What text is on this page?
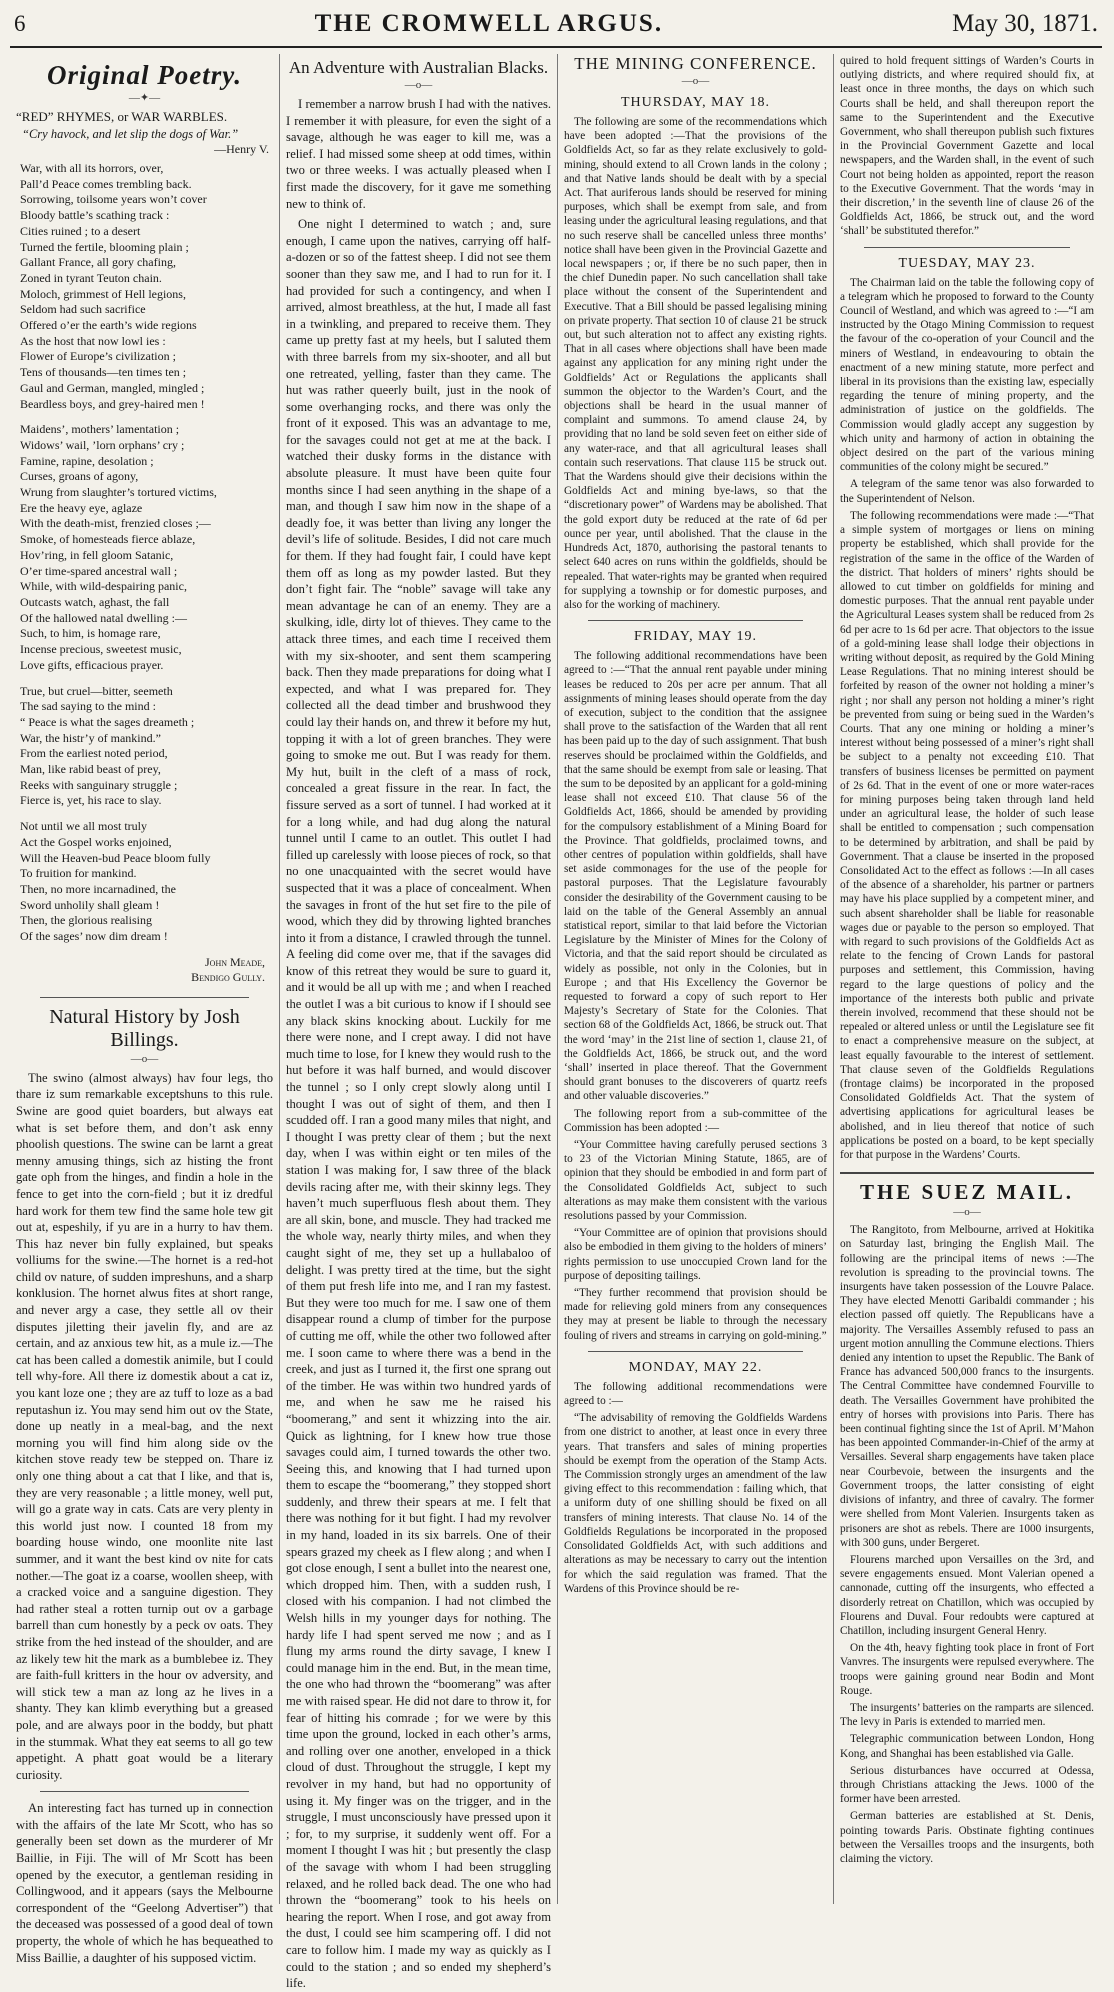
6	THE CROMWELL ARGUS.	May 30, 1871.
Original Poetry.
—✦—
“RED” RHYMES, or WAR WARBLES.
“Cry havock, and let slip the dogs of War.”
—Henry V.
War, with all its horrors, over,
Pall’d Peace comes trembling back.
Sorrowing, toilsome years won’t cover
Bloody battle’s scathing track :
Cities ruined ; to a desert
Turned the fertile, blooming plain ;
Gallant France, all gory chafing,
Zoned in tyrant Teuton chain.
Moloch, grimmest of Hell legions,
Seldom had such sacrifice
Offered o’er the earth’s wide regions
As the host that now lowl ies :
Flower of Europe’s civilization ;
Tens of thousands—ten times ten ;
Gaul and German, mangled, mingled ;
Beardless boys, and grey-haired men !
Maidens’, mothers’ lamentation ;
Widows’ wail, ’lorn orphans’ cry ;
Famine, rapine, desolation ;
Curses, groans of agony,
Wrung from slaughter’s tortured victims,
Ere the heavy eye, aglaze
With the death-mist, frenzied closes ;—
Smoke, of homesteads fierce ablaze,
Hov’ring, in fell gloom Satanic,
O’er time-spared ancestral wall ;
While, with wild-despairing panic,
Outcasts watch, aghast, the fall
Of the hallowed natal dwelling :—
Such, to him, is homage rare,
Incense precious, sweetest music,
Love gifts, efficacious prayer.
True, but cruel—bitter, seemeth
The sad saying to the mind :
“ Peace is what the sages dreameth ;
War, the histr’y of mankind.”
From the earliest noted period,
Man, like rabid beast of prey,
Reeks with sanguinary struggle ;
Fierce is, yet, his race to slay.
Not until we all most truly
Act the Gospel works enjoined,
Will the Heaven-bud Peace bloom fully
To fruition for mankind.
Then, no more incarnadined, the
Sword unholily shall gleam !
Then, the glorious realising
Of the sages’ now dim dream !
John Meade,
Bendigo Gully.
Natural History by Josh Billings.
—o—

The swino (almost always) hav four legs, tho thare iz sum remarkable exceptshuns to this rule. Swine are good quiet boarders, but always eat what is set before them, and don’t ask enny phoolish questions. The swine can be larnt a great menny amusing things, sich az histing the front gate oph from the hinges, and findin a hole in the fence to get into the corn-field ; but it iz dredful hard work for them tew find the same hole tew git out at, espeshily, if yu are in a hurry to hav them. This haz never bin fully explained, but speaks volliums for the swine.—The hornet is a red-hot child ov nature, of sudden impreshuns, and a sharp konklusion. The hornet alwus fites at short range, and never argy a case, they settle all ov their disputes jiletting their javelin fly, and are az certain, and az anxious tew hit, as a mule iz.—The cat has been called a domestik animile, but I could tell why-fore. All there iz domestik about a cat iz, you kant loze one ; they are az tuff to loze as a bad reputashun iz. You may send him out ov the State, done up neatly in a meal-bag, and the next morning you will find him along side ov the kitchen stove ready tew be stepped on. Thare iz only one thing about a cat that I like, and that is, they are very reasonable ; a little money, well put, will go a grate way in cats. Cats are very plenty in this world just now. I counted 18 from my boarding house windo, one moonlite nite last summer, and it want the best kind ov nite for cats nother.—The goat iz a coarse, woollen sheep, with a cracked voice and a sanguine digestion. They had rather steal a rotten turnip out ov a garbage barrell than cum honestly by a peck ov oats. They strike from the hed instead of the shoulder, and are az likely tew hit the mark as a bumblebee iz. They are faith-full kritters in the hour ov adversity, and will stick tew a man az long az he lives in a shanty. They kan klimb everything but a greased pole, and are always poor in the boddy, but phatt in the stummak. What they eat seems to all go tew appetight. A phatt goat would be a literary curiosity.

An interesting fact has turned up in connection with the affairs of the late Mr Scott, who has so generally been set down as the murderer of Mr Baillie, in Fiji. The will of Mr Scott has been opened by the executor, a gentleman residing in Collingwood, and it appears (says the Melbourne correspondent of the “Geelong Advertiser”) that the deceased was possessed of a good deal of town property, the whole of which he has bequeathed to Miss Baillie, a daughter of his supposed victim.

An Adventure with Australian Blacks.
—o—

I remember a narrow brush I had with the natives. I remember it with pleasure, for even the sight of a savage, although he was eager to kill me, was a relief. I had missed some sheep at odd times, within two or three weeks. I was actually pleased when I first made the discovery, for it gave me something new to think of.

One night I determined to watch ; and, sure enough, I came upon the natives, carrying off half-a-dozen or so of the fattest sheep. I did not see them sooner than they saw me, and I had to run for it. I had provided for such a contingency, and when I arrived, almost breathless, at the hut, I made all fast in a twinkling, and prepared to receive them. They came up pretty fast at my heels, but I saluted them with three barrels from my six-shooter, and all but one retreated, yelling, faster than they came. The hut was rather queerly built, just in the nook of some overhanging rocks, and there was only the front of it exposed. This was an advantage to me, for the savages could not get at me at the back. I watched their dusky forms in the distance with absolute pleasure. It must have been quite four months since I had seen anything in the shape of a man, and though I saw him now in the shape of a deadly foe, it was better than living any longer the devil’s life of solitude. Besides, I did not care much for them. If they had fought fair, I could have kept them off as long as my powder lasted. But they don’t fight fair. The “noble” savage will take any mean advantage he can of an enemy. They are a skulking, idle, dirty lot of thieves. They came to the attack three times, and each time I received them with my six-shooter, and sent them scampering back. Then they made preparations for doing what I expected, and what I was prepared for. They collected all the dead timber and brushwood they could lay their hands on, and threw it before my hut, topping it with a lot of green branches. They were going to smoke me out. But I was ready for them. My hut, built in the cleft of a mass of rock, concealed a great fissure in the rear. In fact, the fissure served as a sort of tunnel. I had worked at it for a long while, and had dug along the natural tunnel until I came to an outlet. This outlet I had filled up carelessly with loose pieces of rock, so that no one unacquainted with the secret would have suspected that it was a place of concealment. When the savages in front of the hut set fire to the pile of wood, which they did by throwing lighted branches into it from a distance, I crawled through the tunnel. A feeling did come over me, that if the savages did know of this retreat they would be sure to guard it, and it would be all up with me ; and when I reached the outlet I was a bit curious to know if I should see any black skins knocking about. Luckily for me there were none, and I crept away. I did not have much time to lose, for I knew they would rush to the hut before it was half burned, and would discover the tunnel ; so I only crept slowly along until I thought I was out of sight of them, and then I scudded off. I ran a good many miles that night, and I thought I was pretty clear of them ; but the next day, when I was within eight or ten miles of the station I was making for, I saw three of the black devils racing after me, with their skinny legs. They haven’t much superfluous flesh about them. They are all skin, bone, and muscle. They had tracked me the whole way, nearly thirty miles, and when they caught sight of me, they set up a hullabaloo of delight. I was pretty tired at the time, but the sight of them put fresh life into me, and I ran my fastest. But they were too much for me. I saw one of them disappear round a clump of timber for the purpose of cutting me off, while the other two followed after me. I soon came to where there was a bend in the creek, and just as I turned it, the first one sprang out of the timber. He was within two hundred yards of me, and when he saw me he raised his “boomerang,” and sent it whizzing into the air. Quick as lightning, for I knew how true those savages could aim, I turned towards the other two. Seeing this, and knowing that I had turned upon them to escape the “boomerang,” they stopped short suddenly, and threw their spears at me. I felt that there was nothing for it but fight. I had my revolver in my hand, loaded in its six barrels. One of their spears grazed my cheek as I flew along ; and when I got close enough, I sent a bullet into the nearest one, which dropped him. Then, with a sudden rush, I closed with his companion. I had not climbed the Welsh hills in my younger days for nothing. The hardy life I had spent served me now ; and as I flung my arms round the dirty savage, I knew I could manage him in the end. But, in the mean time, the one who had thrown the “boomerang” was after me with raised spear. He did not dare to throw it, for fear of hitting his comrade ; for we were by this time upon the ground, locked in each other’s arms, and rolling over one another, enveloped in a thick cloud of dust. Throughout the struggle, I kept my revolver in my hand, but had no opportunity of using it. My finger was on the trigger, and in the struggle, I must unconsciously have pressed upon it ; for, to my surprise, it suddenly went off. For a moment I thought I was hit ; but presently the clasp of the savage with whom I had been struggling relaxed, and he rolled back dead. The one who had thrown the “boomerang” took to his heels on hearing the report. When I rose, and got away from the dust, I could see him scampering off. I did not care to follow him. I made my way as quickly as I could to the station ; and so ended my shepherd’s life.

THE MINING CONFERENCE.
—o—
THURSDAY, MAY 18.

The following are some of the recommendations which have been adopted :—That the provisions of the Goldfields Act, so far as they relate exclusively to gold-mining, should extend to all Crown lands in the colony ; and that Native lands should be dealt with by a special Act. That auriferous lands should be reserved for mining purposes, which shall be exempt from sale, and from leasing under the agricultural leasing regulations, and that no such reserve shall be cancelled unless three months’ notice shall have been given in the Provincial Gazette and local newspapers ; or, if there be no such paper, then in the chief Dunedin paper. No such cancellation shall take place without the consent of the Superintendent and Executive. That a Bill should be passed legalising mining on private property. That section 10 of clause 21 be struck out, but such alteration not to affect any existing rights. That in all cases where objections shall have been made against any application for any mining right under the Goldfields’ Act or Regulations the applicants shall summon the objector to the Warden’s Court, and the objections shall be heard in the usual manner of complaint and summons. To amend clause 24, by providing that no land be sold seven feet on either side of any water-race, and that all agricultural leases shall contain such reservations. That clause 115 be struck out. That the Wardens should give their decisions within the Goldfields Act and mining bye-laws, so that the “discretionary power” of Wardens may be abolished. That the gold export duty be reduced at the rate of 6d per ounce per year, until abolished. That the clause in the Hundreds Act, 1870, authorising the pastoral tenants to select 640 acres on runs within the goldfields, should be repealed. That water-rights may be granted when required for supplying a township or for domestic purposes, and also for the working of machinery.

FRIDAY, MAY 19.

The following additional recommendations have been agreed to :—“That the annual rent payable under mining leases be reduced to 20s per acre per annum. That all assignments of mining leases should operate from the day of execution, subject to the condition that the assignee shall prove to the satisfaction of the Warden that all rent has been paid up to the day of such assignment. That bush reserves should be proclaimed within the Goldfields, and that the same should be exempt from sale or leasing. That the sum to be deposited by an applicant for a gold-mining lease shall not exceed £10. That clause 56 of the Goldfields Act, 1866, should be amended by providing for the compulsory establishment of a Mining Board for the Province. That goldfields, proclaimed towns, and other centres of population within goldfields, shall have set aside commonages for the use of the people for pastoral purposes. That the Legislature favourably consider the desirability of the Government causing to be laid on the table of the General Assembly an annual statistical report, similar to that laid before the Victorian Legislature by the Minister of Mines for the Colony of Victoria, and that the said report should be circulated as widely as possible, not only in the Colonies, but in Europe ; and that His Excellency the Governor be requested to forward a copy of such report to Her Majesty’s Secretary of State for the Colonies. That section 68 of the Goldfields Act, 1866, be struck out. That the word ‘may’ in the 21st line of section 1, clause 21, of the Goldfields Act, 1866, be struck out, and the word ‘shall’ inserted in place thereof. That the Government should grant bonuses to the discoverers of quartz reefs and other valuable discoveries.”

The following report from a sub-committee of the Commission has been adopted :—

“Your Committee having carefully perused sections 3 to 23 of the Victorian Mining Statute, 1865, are of opinion that they should be embodied in and form part of the Consolidated Goldfields Act, subject to such alterations as may make them consistent with the various resolutions passed by your Commission.

“Your Committee are of opinion that provisions should also be embodied in them giving to the holders of miners’ rights permission to use unoccupied Crown land for the purpose of depositing tailings.

“They further recommend that provision should be made for relieving gold miners from any consequences they may at present be liable to through the necessary fouling of rivers and streams in carrying on gold-mining.”

MONDAY, MAY 22.

The following additional recommendations were agreed to :—

“The advisability of removing the Goldfields Wardens from one district to another, at least once in every three years. That transfers and sales of mining properties should be exempt from the operation of the Stamp Acts. The Commission strongly urges an amendment of the law giving effect to this recommendation : failing which, that a uniform duty of one shilling should be fixed on all transfers of mining interests. That clause No. 14 of the Goldfields Regulations be incorporated in the proposed Consolidated Goldfields Act, with such additions and alterations as may be necessary to carry out the intention for which the said regulation was framed. That the Wardens of this Province should be re-

quired to hold frequent sittings of Warden’s Courts in outlying districts, and where required should fix, at least once in three months, the days on which such Courts shall be held, and shall thereupon report the same to the Superintendent and the Executive Government, who shall thereupon publish such fixtures in the Provincial Government Gazette and local newspapers, and the Warden shall, in the event of such Court not being holden as appointed, report the reason to the Executive Government. That the words ‘may in their discretion,’ in the seventh line of clause 26 of the Goldfields Act, 1866, be struck out, and the word ‘shall’ be substituted therefor.”

TUESDAY, MAY 23.

The Chairman laid on the table the following copy of a telegram which he proposed to forward to the County Council of Westland, and which was agreed to :—“I am instructed by the Otago Mining Commission to request the favour of the co-operation of your Council and the miners of Westland, in endeavouring to obtain the enactment of a new mining statute, more perfect and liberal in its provisions than the existing law, especially regarding the tenure of mining property, and the administration of justice on the goldfields. The Commission would gladly accept any suggestion by which unity and harmony of action in obtaining the object desired on the part of the various mining communities of the colony might be secured.”

A telegram of the same tenor was also forwarded to the Superintendent of Nelson.

The following recommendations were made :—“That a simple system of mortgages or liens on mining property be established, which shall provide for the registration of the same in the office of the Warden of the district. That holders of miners’ rights should be allowed to cut timber on goldfields for mining and domestic purposes. That the annual rent payable under the Agricultural Leases system shall be reduced from 2s 6d per acre to 1s 6d per acre. That objectors to the issue of a gold-mining lease shall lodge their objections in writing without deposit, as required by the Gold Mining Lease Regulations. That no mining interest should be forfeited by reason of the owner not holding a miner’s right ; nor shall any person not holding a miner’s right be prevented from suing or being sued in the Warden’s Courts. That any one mining or holding a miner’s interest without being possessed of a miner’s right shall be subject to a penalty not exceeding £10. That transfers of business licenses be permitted on payment of 2s 6d. That in the event of one or more water-races for mining purposes being taken through land held under an agricultural lease, the holder of such lease shall be entitled to compensation ; such compensation to be determined by arbitration, and shall be paid by Government. That a clause be inserted in the proposed Consolidated Act to the effect as follows :—In all cases of the absence of a shareholder, his partner or partners may have his place supplied by a competent miner, and such absent shareholder shall be liable for reasonable wages due or payable to the person so employed. That with regard to such provisions of the Goldfields Act as relate to the fencing of Crown Lands for pastoral purposes and settlement, this Commission, having regard to the large questions of policy and the importance of the interests both public and private therein involved, recommend that these should not be repealed or altered unless or until the Legislature see fit to enact a comprehensive measure on the subject, at least equally favourable to the interest of settlement. That clause seven of the Goldfields Regulations (frontage claims) be incorporated in the proposed Consolidated Goldfields Act. That the system of advertising applications for agricultural leases be abolished, and in lieu thereof that notice of such applications be posted on a board, to be kept specially for that purpose in the Wardens’ Courts.

THE SUEZ MAIL.
—o—

The Rangitoto, from Melbourne, arrived at Hokitika on Saturday last, bringing the English Mail. The following are the principal items of news :—The revolution is spreading to the provincial towns. The insurgents have taken possession of the Louvre Palace. They have elected Menotti Garibaldi commander ; his election passed off quietly. The Republicans have a majority. The Versailles Assembly refused to pass an urgent motion annulling the Commune elections. Thiers denied any intention to upset the Republic. The Bank of France has advanced 500,000 francs to the insurgents. The Central Committee have condemned Fourville to death. The Versailles Government have prohibited the entry of horses with provisions into Paris. There has been continual fighting since the 1st of April. M’Mahon has been appointed Commander-in-Chief of the army at Versailles. Several sharp engagements have taken place near Courbevoie, between the insurgents and the Government troops, the latter consisting of eight divisions of infantry, and three of cavalry. The former were shelled from Mont Valerien. Insurgents taken as prisoners are shot as rebels. There are 1000 insurgents, with 300 guns, under Bergeret.

Flourens marched upon Versailles on the 3rd, and severe engagements ensued. Mont Valerian opened a cannonade, cutting off the insurgents, who effected a disorderly retreat on Chatillon, which was occupied by Flourens and Duval. Four redoubts were captured at Chatillon, including insurgent General Henry.

On the 4th, heavy fighting took place in front of Fort Vanvres. The insurgents were repulsed everywhere. The troops were gaining ground near Bodin and Mont Rouge.

The insurgents’ batteries on the ramparts are silenced. The levy in Paris is extended to married men.

Telegraphic communication between London, Hong Kong, and Shanghai has been established via Galle.

Serious disturbances have occurred at Odessa, through Christians attacking the Jews. 1000 of the former have been arrested.

German batteries are established at St. Denis, pointing towards Paris. Obstinate fighting continues between the Versailles troops and the insurgents, both claiming the victory.
